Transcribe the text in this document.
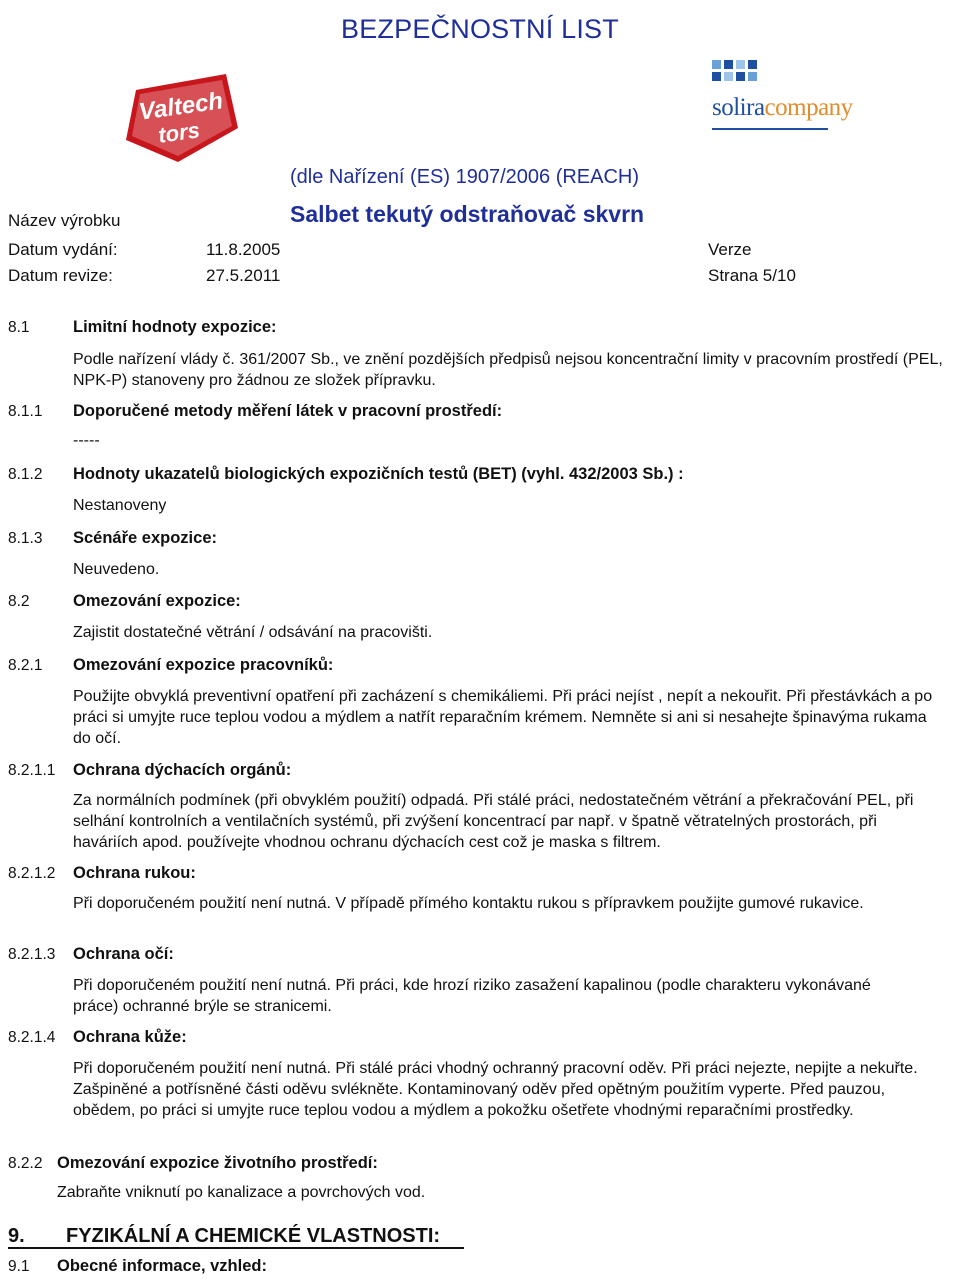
BEZPEČNOSTNÍ LIST
Valtech
tors
soliracompany
(dle Nařízení (ES) 1907/2006 (REACH)
Název výrobku	Salbet tekutý odstraňovač skvrn
Datum vydání:	11.8.2005	Verze
Datum revize:	27.5.2011	Strana 5/10
8.1	Limitní hodnoty expozice:
Podle nařízení vlády č. 361/2007 Sb., ve znění pozdějších předpisů nejsou koncentrační limity v pracovním prostředí (PEL, NPK-P) stanoveny pro žádnou ze složek přípravku.
8.1.1 Doporučené metody měření látek v pracovní prostředí:
-----
8.1.2 Hodnoty ukazatelů biologických expozičních testů (BET) (vyhl. 432/2003 Sb.) :
Nestanoveny
8.1.3 Scénáře expozice:
Neuvedeno.
8.2	Omezování expozice:
Zajistit dostatečné větrání / odsávání na pracovišti.
8.2.1 Omezování expozice pracovníků:
Použijte obvyklá preventivní opatření při zacházení s chemikáliemi. Při práci nejíst , nepít a nekouřit. Při přestávkách a po práci si umyjte ruce teplou vodou a mýdlem a natřít reparačním krémem. Nemněte si ani si nesahejte špinavýma rukama do očí.
8.2.1.1 Ochrana dýchacích orgánů:
Za normálních podmínek (při obvyklém použití) odpadá. Při stálé práci, nedostatečném větrání a překračování PEL, při selhání kontrolních a ventilačních systémů, při zvýšení koncentrací par např. v špatně větratelných prostorách, při haváriích apod. používejte vhodnou ochranu dýchacích cest což je maska s filtrem.
8.2.1.2 Ochrana rukou:
Při doporučeném použití není nutná. V případě přímého kontaktu rukou s přípravkem použijte gumové rukavice.
8.2.1.3 Ochrana očí:
Při doporučeném použití není nutná. Při práci, kde hrozí riziko zasažení kapalinou (podle charakteru vykonávané práce) ochranné brýle se stranicemi.
8.2.1.4 Ochrana kůže:
Při doporučeném použití není nutná. Při stálé práci vhodný ochranný pracovní oděv. Při práci nejezte, nepijte a nekuřte. Zašpiněné a potřísněné části oděvu svlékněte. Kontaminovaný oděv před opětným použitím vyperte. Před pauzou, obědem, po práci si umyjte ruce teplou vodou a mýdlem a pokožku ošetřete vhodnými reparačními prostředky.
8.2.2 Omezování expozice životního prostředí:
Zabraňte vniknutí po kanalizace a povrchových vod.
9. FYZIKÁLNÍ A CHEMICKÉ VLASTNOSTI:
9.1 Obecné informace, vzhled:
